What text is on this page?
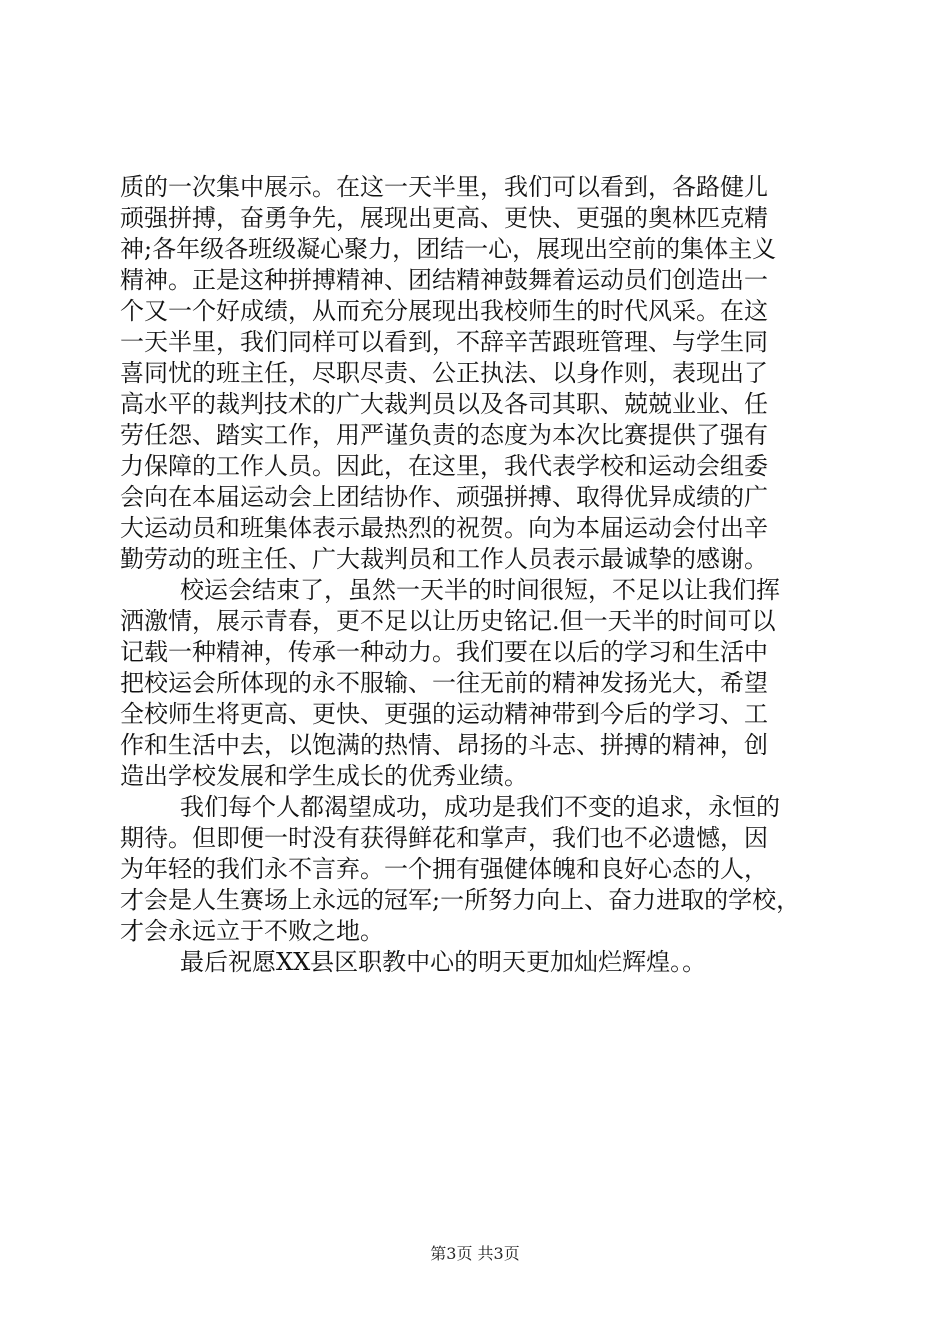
质的一次集中展示。在这一天半里，我们可以看到，各路健儿
顽强拼搏，奋勇争先，展现出更高、更快、更强的奥林匹克精
神;各年级各班级凝心聚力，团结一心，展现出空前的集体主义
精神。正是这种拼搏精神、团结精神鼓舞着运动员们创造出一
个又一个好成绩，从而充分展现出我校师生的时代风采。在这
一天半里，我们同样可以看到，不辞辛苦跟班管理、与学生同
喜同忧的班主任，尽职尽责、公正执法、以身作则，表现出了
高水平的裁判技术的广大裁判员以及各司其职、兢兢业业、任
劳任怨、踏实工作，用严谨负责的态度为本次比赛提供了强有
力保障的工作人员。因此，在这里，我代表学校和运动会组委
会向在本届运动会上团结协作、顽强拼搏、取得优异成绩的广
大运动员和班集体表示最热烈的祝贺。向为本届运动会付出辛
勤劳动的班主任、广大裁判员和工作人员表示最诚挚的感谢。
校运会结束了，虽然一天半的时间很短，不足以让我们挥
洒激情，展示青春，更不足以让历史铭记.但一天半的时间可以
记载一种精神，传承一种动力。我们要在以后的学习和生活中
把校运会所体现的永不服输、一往无前的精神发扬光大，希望
全校师生将更高、更快、更强的运动精神带到今后的学习、工
作和生活中去，以饱满的热情、昂扬的斗志、拼搏的精神，创
造出学校发展和学生成长的优秀业绩。
我们每个人都渴望成功，成功是我们不变的追求，永恒的
期待。但即便一时没有获得鲜花和掌声，我们也不必遗憾，因
为年轻的我们永不言弃。一个拥有强健体魄和良好心态的人，
才会是人生赛场上永远的冠军;一所努力向上、奋力进取的学校，
才会永远立于不败之地。
最后祝愿XX县区职教中心的明天更加灿烂辉煌。。
第3页 共3页
